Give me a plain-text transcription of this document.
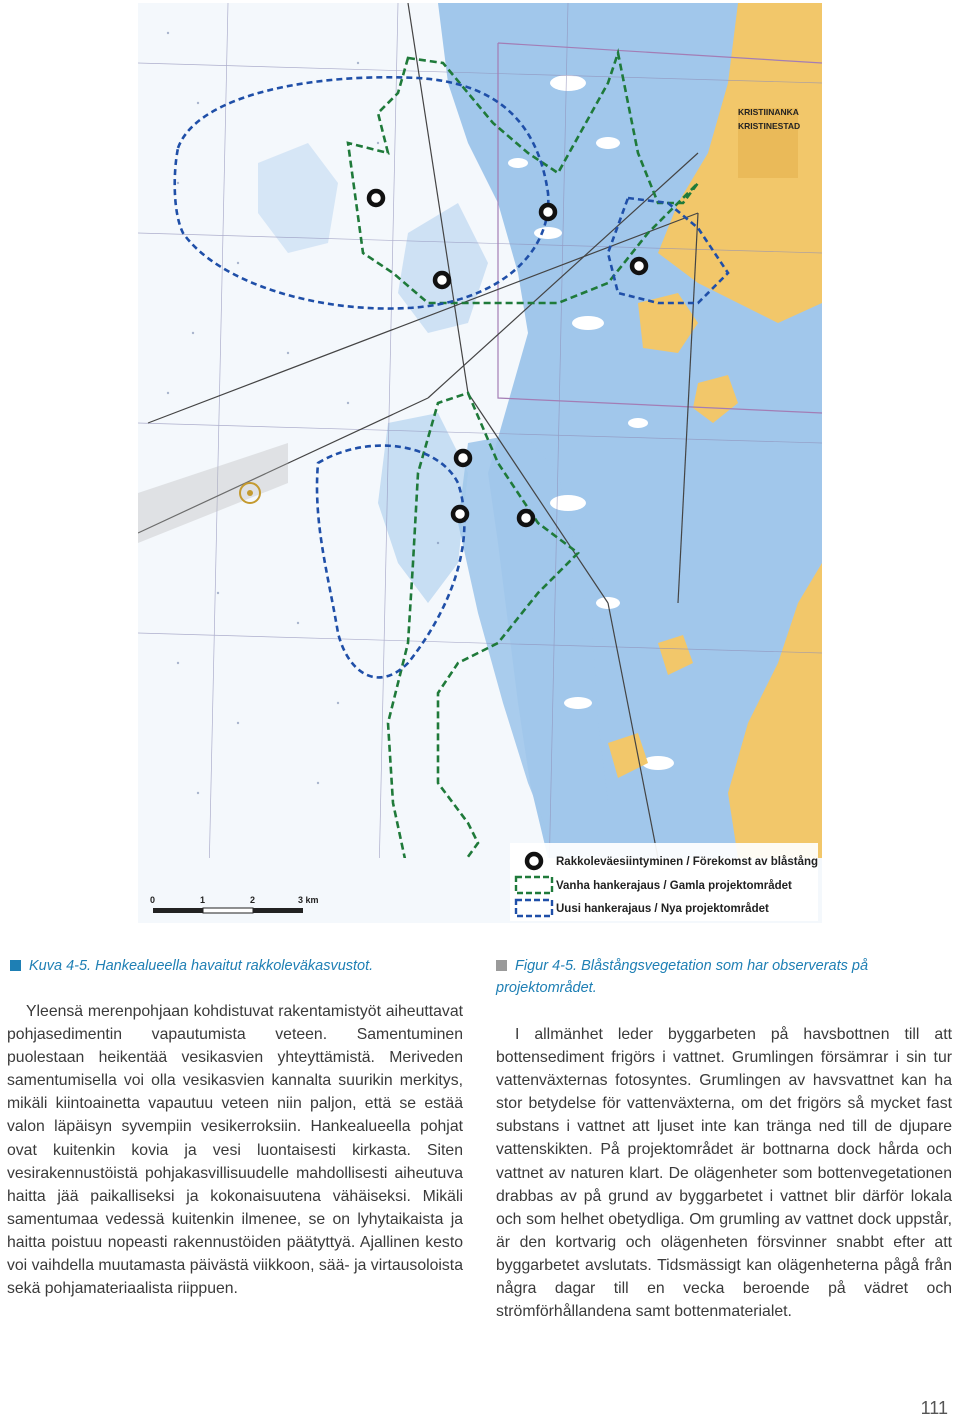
KRISTIINANKA
KRISTINESTAD
0	1	2	3 km
Rakkoleväesiintyminen / Förekomst av blåstång
Vanha hankerajaus / Gamla projektområdet
Uusi hankerajaus / Nya projektområdet
Kuva 4-5. Hankealueella havaitut rakkoleväkasvustot.	Figur 4-5. Blåstångsvegetation som har observerats på projektområdet.

Yleensä merenpohjaan kohdistuvat rakentamistyöt aiheuttavat pohjasedimentin vapautumista veteen. Samentuminen puolestaan heikentää vesikasvien yhteyttämistä. Meriveden samentumisella voi olla vesikasvien kannalta suurikin merkitys, mikäli kiintoainetta vapautuu veteen niin paljon, että se estää valon läpäisyn syvempiin vesikerroksiin. Hankealueella pohjat ovat kuitenkin kovia ja vesi luontaisesti kirkasta. Siten vesirakennustöistä pohjakasvillisuudelle mahdollisesti aiheutuva haitta jää paikalliseksi ja kokonaisuutena vähäiseksi. Mikäli samentumaa vedessä kuitenkin ilmenee, se on lyhytaikaista ja haitta poistuu nopeasti rakennustöiden päätyttyä. Ajallinen kesto voi vaihdella muutamasta päivästä viikkoon, sää- ja virtausoloista sekä pohjamateriaalista riippuen.

I allmänhet leder byggarbeten på havsbottnen till att bottensediment frigörs i vattnet. Grumlingen försämrar i sin tur vattenväxternas fotosyntes. Grumlingen av havsvattnet kan ha stor betydelse för vattenväxterna, om det frigörs så mycket fast substans i vattnet att ljuset inte kan tränga ned till de djupare vattenskikten. På projektområdet är bottnarna dock hårda och vattnet av naturen klart. De olägenheter som bottenvegetationen drabbas av på grund av byggarbetet i vattnet blir därför lokala och som helhet obetydliga. Om grumling av vattnet dock uppstår, är den kortvarig och olägenheten försvinner snabbt efter att byggarbetet avslutats. Tidsmässigt kan olägenheterna pågå från några dagar till en vecka beroende på vädret och strömförhållandena samt bottenmaterialet.

111
